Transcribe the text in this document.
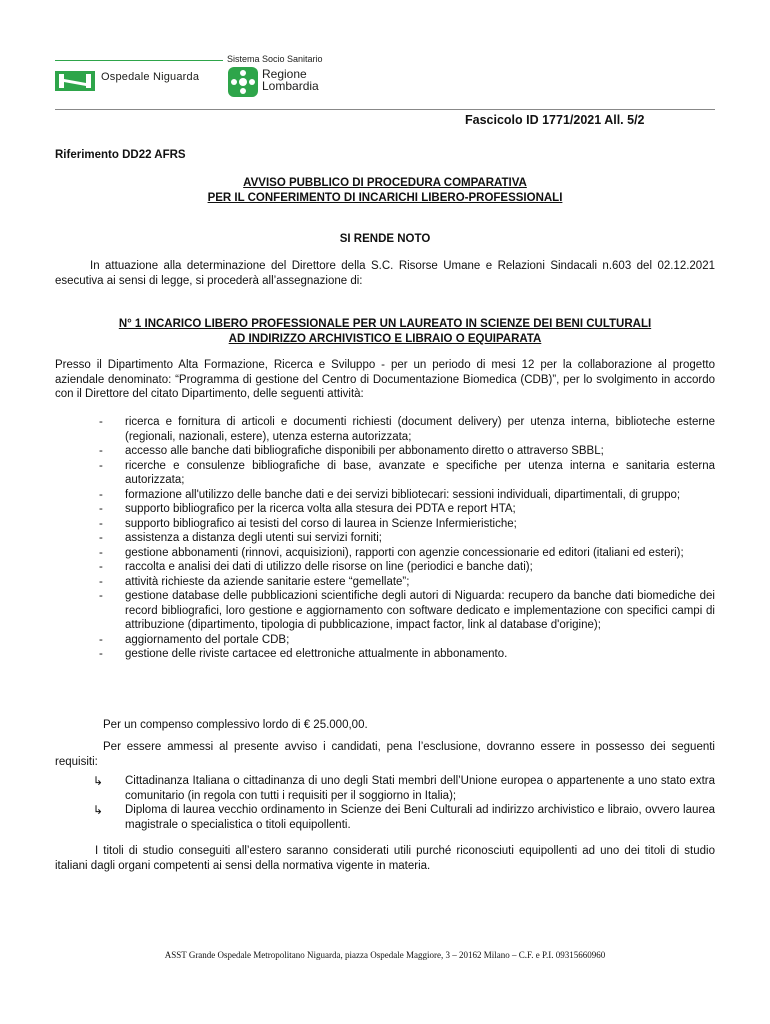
Sistema Socio Sanitario
Ospedale Niguarda	Regione
Lombardia
Fascicolo ID 1771/2021 All. 5/2
Riferimento DD22 AFRS
AVVISO PUBBLICO DI PROCEDURA COMPARATIVA
PER IL CONFERIMENTO DI INCARICHI LIBERO-PROFESSIONALI
SI RENDE NOTO
In attuazione alla determinazione del Direttore della S.C. Risorse Umane e Relazioni Sindacali n.603 del 02.12.2021 esecutiva ai sensi di legge, si procederà all’assegnazione di:
N° 1 INCARICO LIBERO PROFESSIONALE PER UN LAUREATO IN SCIENZE DEI BENI CULTURALI
AD INDIRIZZO ARCHIVISTICO E LIBRAIO O EQUIPARATA
Presso il Dipartimento Alta Formazione, Ricerca e Sviluppo - per un periodo di mesi 12 per la collaborazione al progetto aziendale denominato: “Programma di gestione del Centro di Documentazione Biomedica (CDB)”, per lo svolgimento in accordo con il Direttore del citato Dipartimento, delle seguenti attività:
- ricerca e fornitura di articoli e documenti richiesti (document delivery) per utenza interna, biblioteche esterne (regionali, nazionali, estere), utenza esterna autorizzata;
- accesso alle banche dati bibliografiche disponibili per abbonamento diretto o attraverso SBBL;
- ricerche e consulenze bibliografiche di base, avanzate e specifiche per utenza interna e sanitaria esterna autorizzata;
- formazione all'utilizzo delle banche dati e dei servizi bibliotecari: sessioni individuali, dipartimentali, di gruppo;
- supporto bibliografico per la ricerca volta alla stesura dei PDTA e report HTA;
- supporto bibliografico ai tesisti del corso di laurea in Scienze Infermieristiche;
- assistenza a distanza degli utenti sui servizi forniti;
- gestione abbonamenti (rinnovi, acquisizioni), rapporti con agenzie concessionarie ed editori (italiani ed esteri);
- raccolta e analisi dei dati di utilizzo delle risorse on line (periodici e banche dati);
- attività richieste da aziende sanitarie estere “gemellate”;
- gestione database delle pubblicazioni scientifiche degli autori di Niguarda: recupero da banche dati biomediche dei record bibliografici, loro gestione e aggiornamento con software dedicato e implementazione con specifici campi di attribuzione (dipartimento, tipologia di pubblicazione, impact factor, link al database d'origine);
- aggiornamento del portale CDB;
- gestione delle riviste cartacee ed elettroniche attualmente in abbonamento.
Per un compenso complessivo lordo di € 25.000,00.
Per essere ammessi al presente avviso i candidati, pena l’esclusione, dovranno essere in possesso dei seguenti requisiti:
↳ Cittadinanza Italiana o cittadinanza di uno degli Stati membri dell’Unione europea o appartenente a uno stato extra comunitario (in regola con tutti i requisiti per il soggiorno in Italia);
↳ Diploma di laurea vecchio ordinamento in Scienze dei Beni Culturali ad indirizzo archivistico e libraio, ovvero laurea magistrale o specialistica o titoli equipollenti.
I titoli di studio conseguiti all’estero saranno considerati utili purché riconosciuti equipollenti ad uno dei titoli di studio italiani dagli organi competenti ai sensi della normativa vigente in materia.
ASST Grande Ospedale Metropolitano Niguarda, piazza Ospedale Maggiore, 3 – 20162 Milano – C.F. e P.I. 09315660960
